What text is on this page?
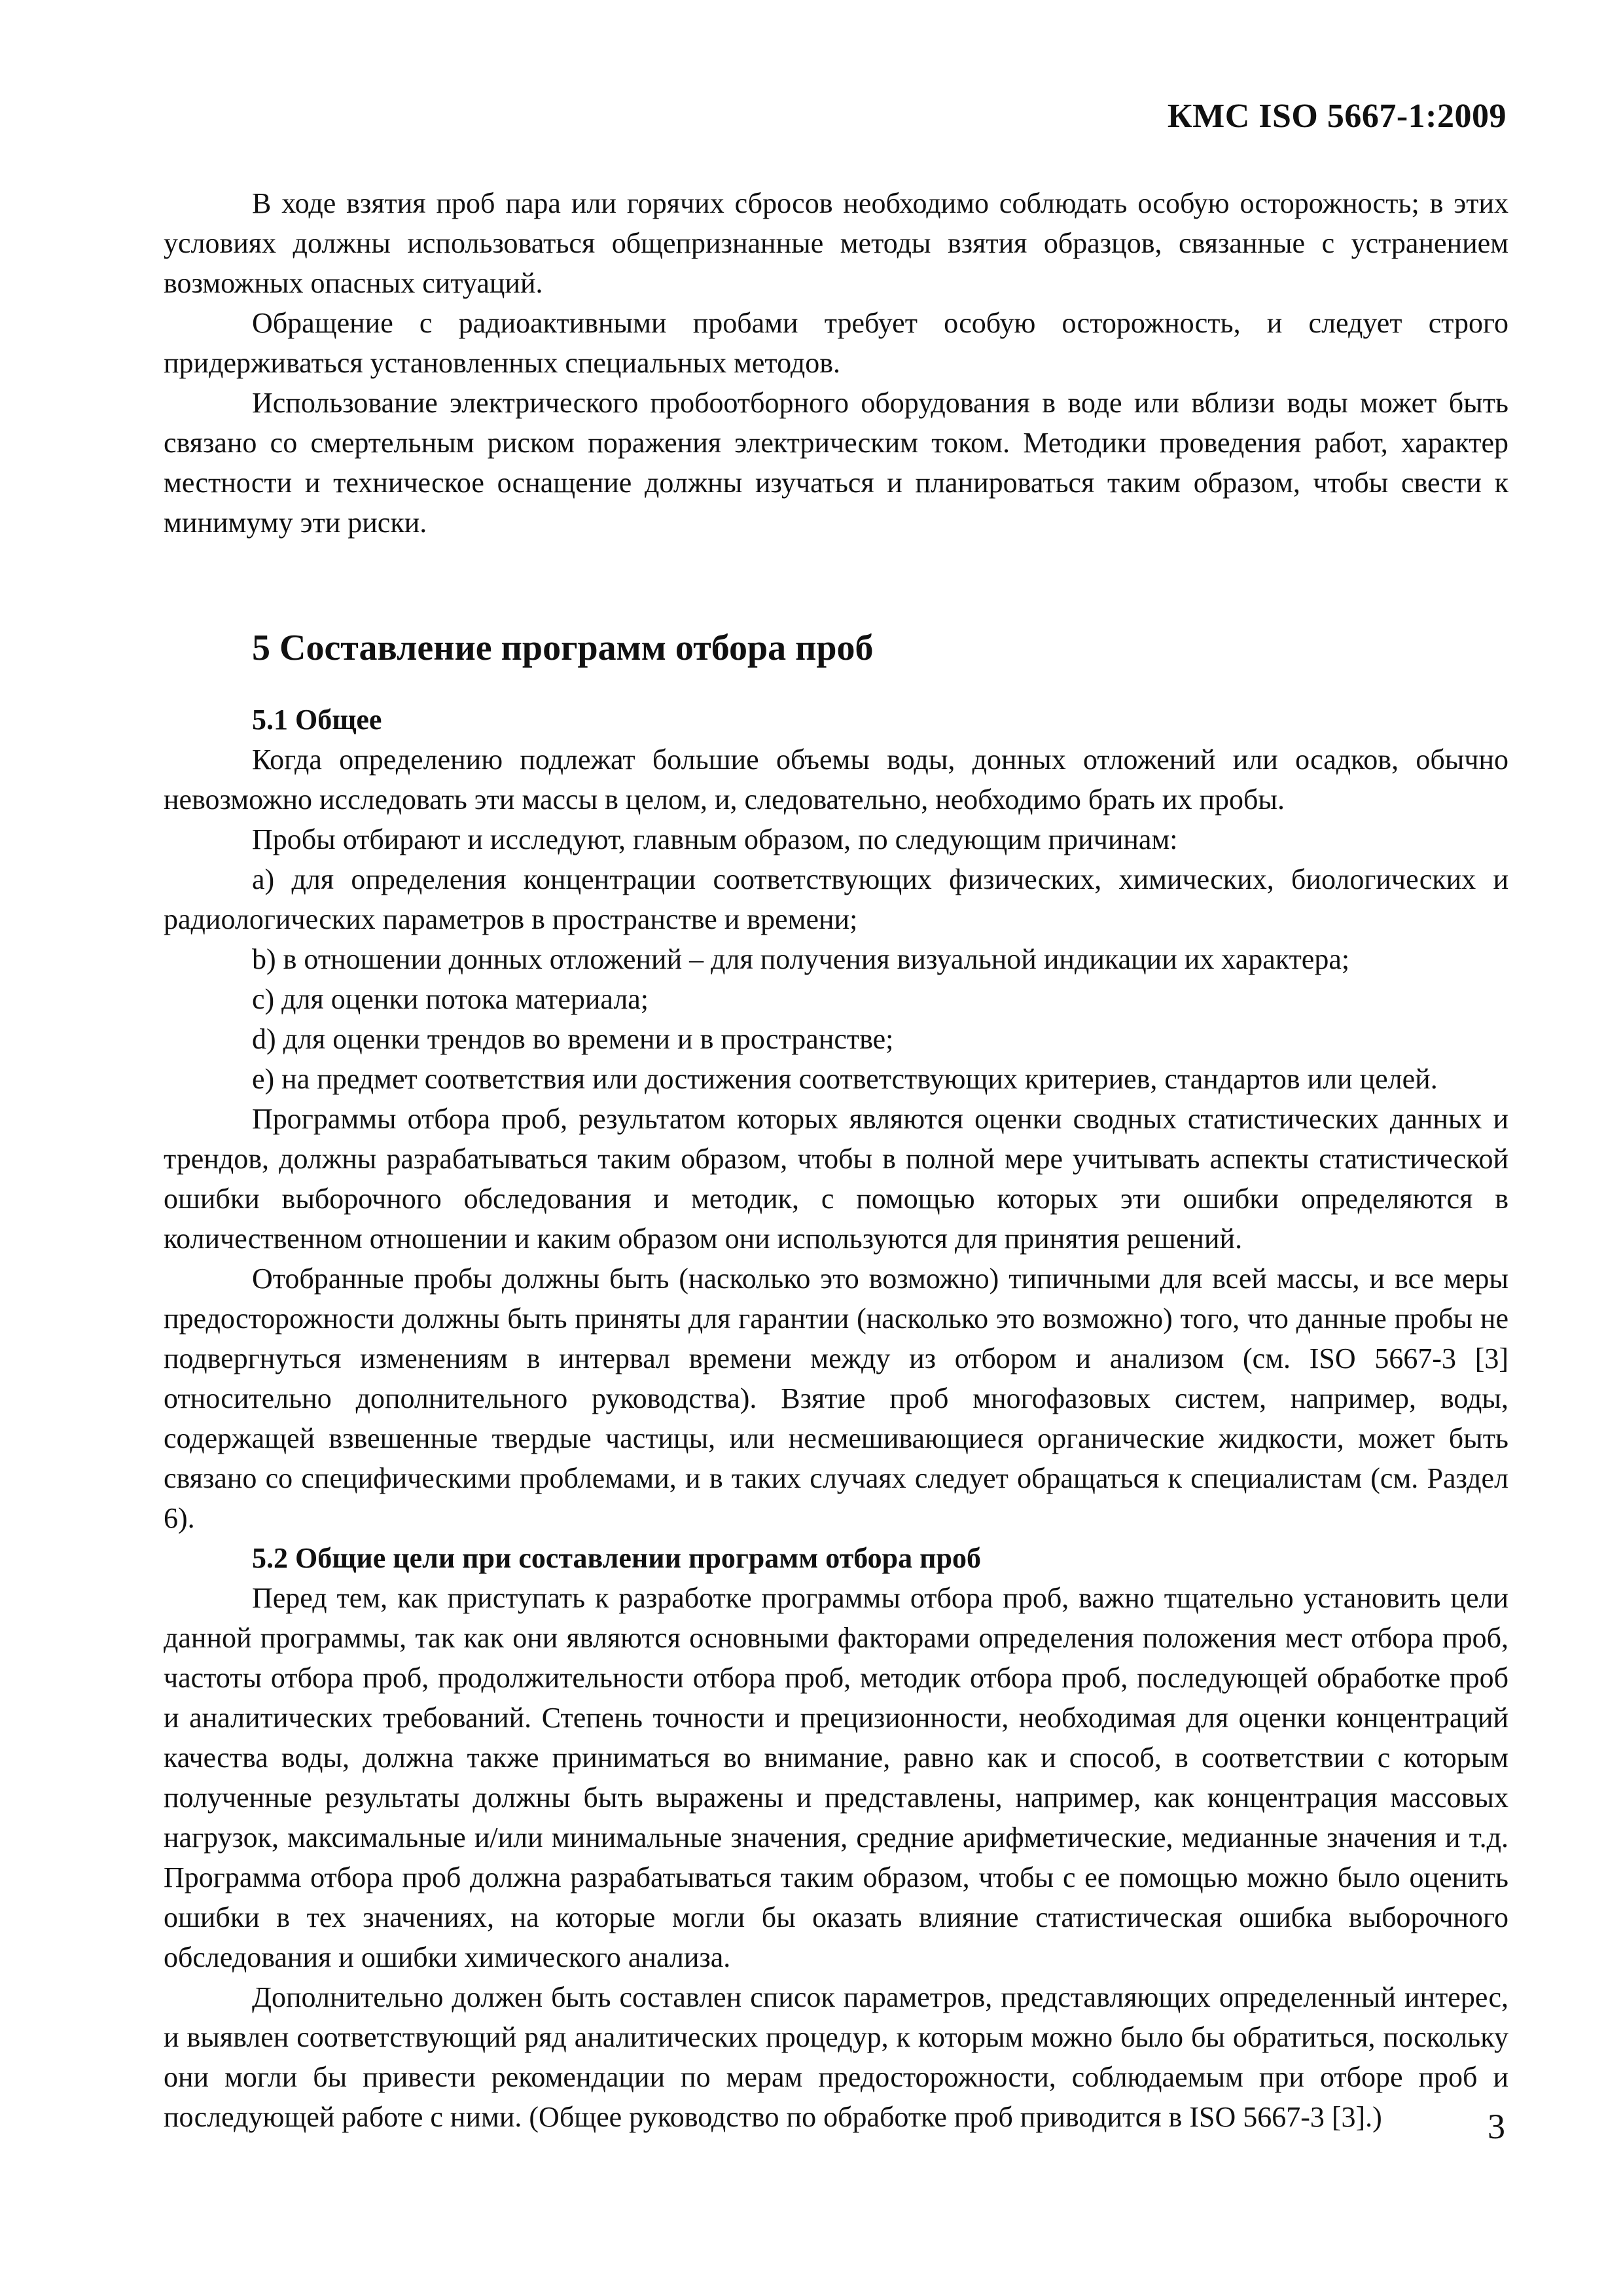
КМС ISO 5667-1:2009

В ходе взятия проб пара или горячих сбросов необходимо соблюдать особую осторожность; в этих условиях должны использоваться общепризнанные методы взятия образцов, связанные с устранением возможных опасных ситуаций.

Обращение с радиоактивными пробами требует особую осторожность, и следует строго придерживаться установленных специальных методов.

Использование электрического пробоотборного оборудования в воде или вблизи воды может быть связано со смертельным риском поражения электрическим током. Методики проведения работ, характер местности и техническое оснащение должны изучаться и планироваться таким образом, чтобы свести к минимуму эти риски.

5 Составление программ отбора проб
5.1 Общее

Когда определению подлежат большие объемы воды, донных отложений или осадков, обычно невозможно исследовать эти массы в целом, и, следовательно, необходимо брать их пробы.

Пробы отбирают и исследуют, главным образом, по следующим причинам:

a) для определения концентрации соответствующих физических, химических, биологических и радиологических параметров в пространстве и времени;

b) в отношении донных отложений – для получения визуальной индикации их характера;

c) для оценки потока материала;

d) для оценки трендов во времени и в пространстве;

e) на предмет соответствия или достижения соответствующих критериев, стандартов или целей.

Программы отбора проб, результатом которых являются оценки сводных статистических данных и трендов, должны разрабатываться таким образом, чтобы в полной мере учитывать аспекты статистической ошибки выборочного обследования и методик, с помощью которых эти ошибки определяются в количественном отношении и каким образом они используются для принятия решений.

Отобранные пробы должны быть (насколько это возможно) типичными для всей массы, и все меры предосторожности должны быть приняты для гарантии (насколько это возможно) того, что данные пробы не подвергнуться изменениям в интервал времени между из отбором и анализом (см. ISO 5667-3 [3] относительно дополнительного руководства). Взятие проб многофазовых систем, например, воды, содержащей взвешенные твердые частицы, или несмешивающиеся органические жидкости, может быть связано со специфическими проблемами, и в таких случаях следует обращаться к специалистам (см. Раздел 6).

5.2 Общие цели при составлении программ отбора проб

Перед тем, как приступать к разработке программы отбора проб, важно тщательно установить цели данной программы, так как они являются основными факторами определения положения мест отбора проб, частоты отбора проб, продолжительности отбора проб, методик отбора проб, последующей обработке проб и аналитических требований. Степень точности и прецизионности, необходимая для оценки концентраций качества воды, должна также приниматься во внимание, равно как и способ, в соответствии с которым полученные результаты должны быть выражены и представлены, например, как концентрация массовых нагрузок, максимальные и/или минимальные значения, средние арифметические, медианные значения и т.д. Программа отбора проб должна разрабатываться таким образом, чтобы с ее помощью можно было оценить ошибки в тех значениях, на которые могли бы оказать влияние статистическая ошибка выборочного обследования и ошибки химического анализа.

Дополнительно должен быть составлен список параметров, представляющих определенный интерес, и выявлен соответствующий ряд аналитических процедур, к которым можно было бы обратиться, поскольку они могли бы привести рекомендации по мерам предосторожности, соблюдаемым при отборе проб и последующей работе с ними. (Общее руководство по обработке проб приводится в ISO 5667-3 [3].)	3
